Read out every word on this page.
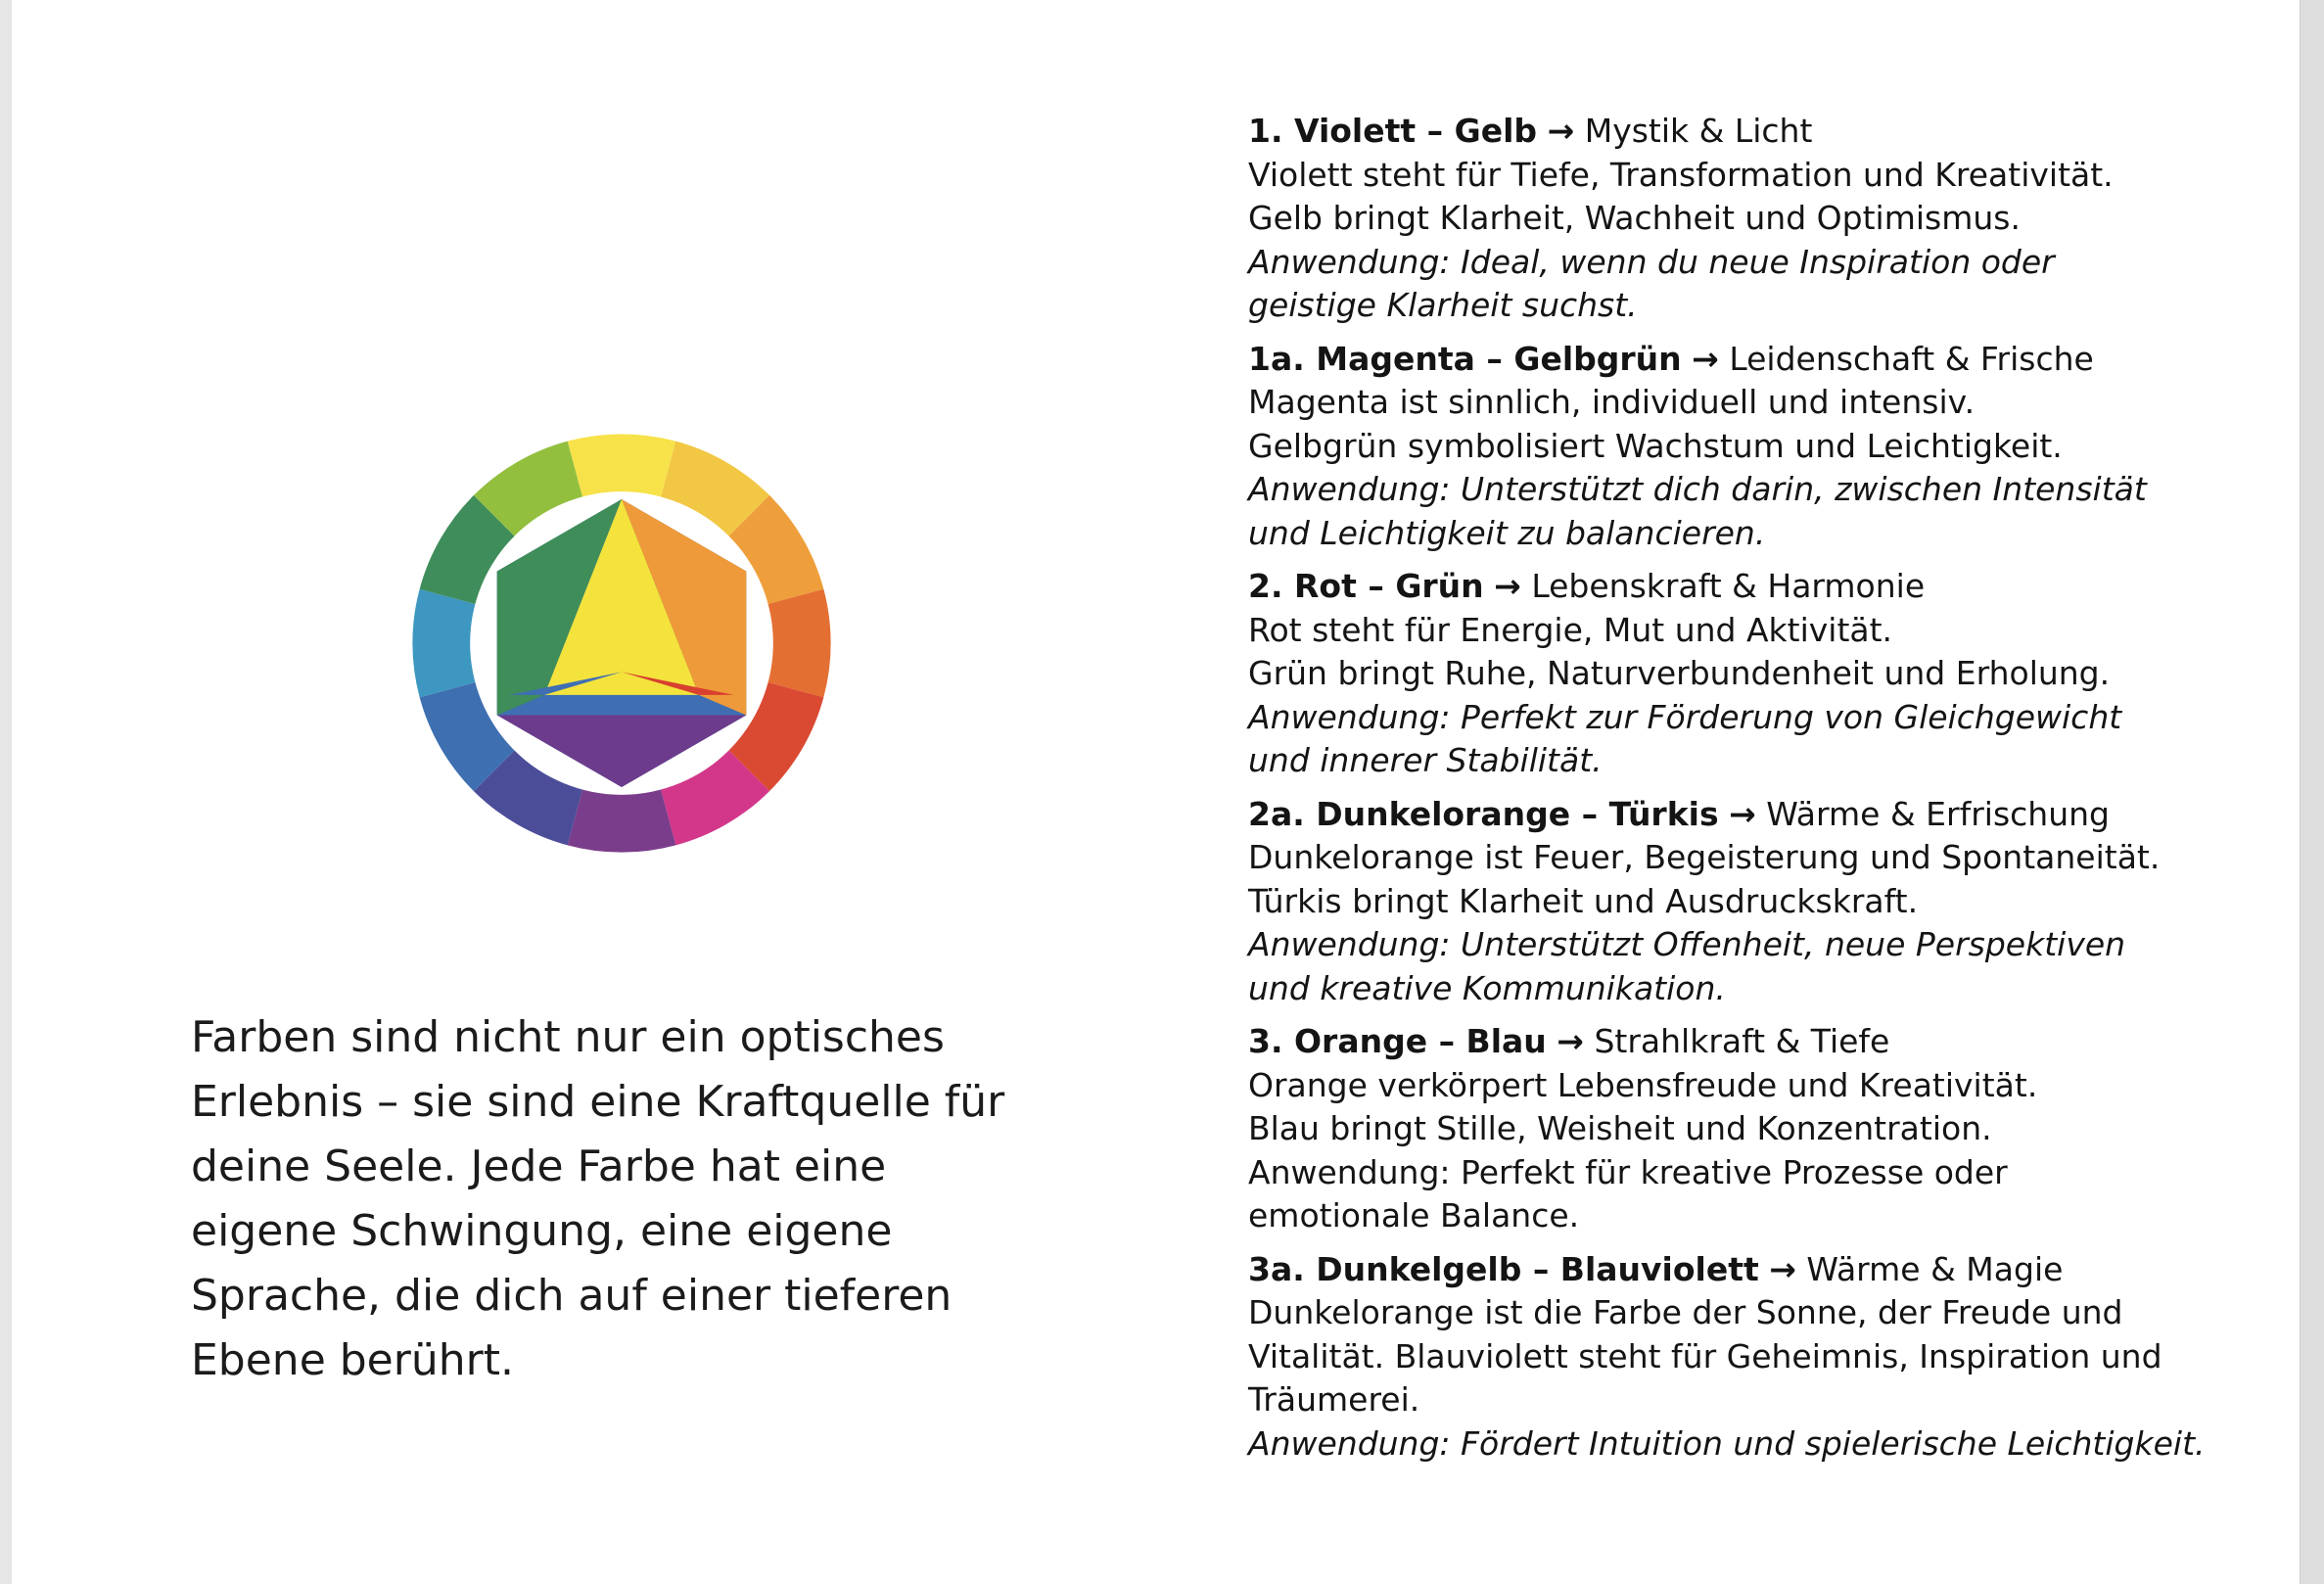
Farben sind nicht nur ein optisches
Erlebnis – sie sind eine Kraftquelle für
deine Seele. Jede Farbe hat eine
eigene Schwingung, eine eigene
Sprache, die dich auf einer tieferen
Ebene berührt.

1. Violett – Gelb → Mystik & Licht
Violett steht für Tiefe, Transformation und Kreativität.
Gelb bringt Klarheit, Wachheit und Optimismus.
Anwendung: Ideal, wenn du neue Inspiration oder
geistige Klarheit suchst.
1a. Magenta – Gelbgrün → Leidenschaft & Frische
Magenta ist sinnlich, individuell und intensiv.
Gelbgrün symbolisiert Wachstum und Leichtigkeit.
Anwendung: Unterstützt dich darin, zwischen Intensität
und Leichtigkeit zu balancieren.
2. Rot – Grün → Lebenskraft & Harmonie
Rot steht für Energie, Mut und Aktivität.
Grün bringt Ruhe, Naturverbundenheit und Erholung.
Anwendung: Perfekt zur Förderung von Gleichgewicht
und innerer Stabilität.
2a. Dunkelorange – Türkis → Wärme & Erfrischung
Dunkelorange ist Feuer, Begeisterung und Spontaneität.
Türkis bringt Klarheit und Ausdruckskraft.
Anwendung: Unterstützt Offenheit, neue Perspektiven
und kreative Kommunikation.
3. Orange – Blau → Strahlkraft & Tiefe
Orange verkörpert Lebensfreude und Kreativität.
Blau bringt Stille, Weisheit und Konzentration.
Anwendung: Perfekt für kreative Prozesse oder
emotionale Balance.
3a. Dunkelgelb – Blauviolett → Wärme & Magie
Dunkelorange ist die Farbe der Sonne, der Freude und
Vitalität. Blauviolett steht für Geheimnis, Inspiration und
Träumerei.
Anwendung: Fördert Intuition und spielerische Leichtigkeit.
